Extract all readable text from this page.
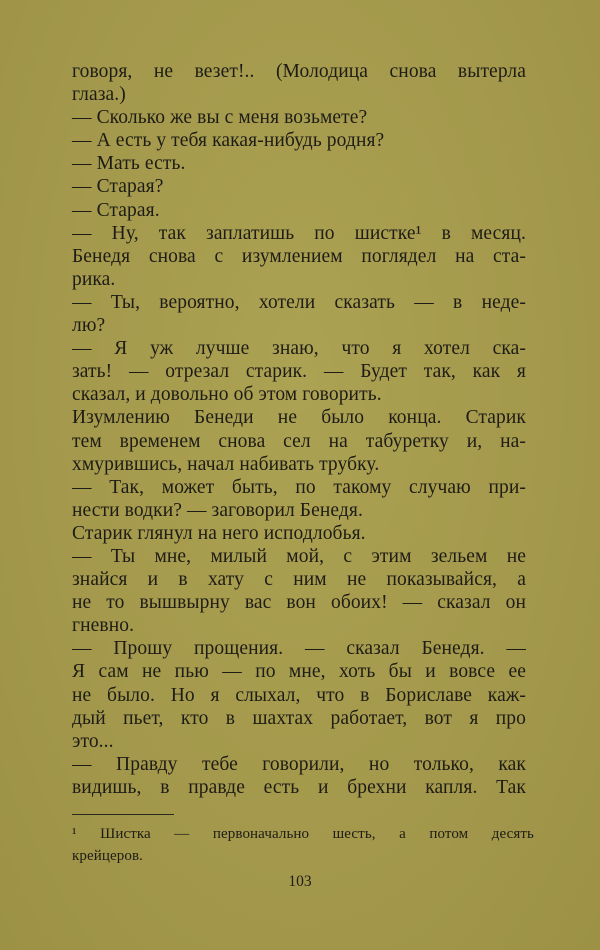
говоря, не везет!.. (Молодица снова вытерла
глаза.)
— Сколько же вы с меня возьмете?
— А есть у тебя какая-нибудь родня?
— Мать есть.
— Старая?
— Старая.
— Ну, так заплатишь по шистке¹ в месяц.
Бенедя снова с изумлением поглядел на ста-
рика.
— Ты, вероятно, хотели сказать — в неде-
лю?
— Я уж лучше знаю, что я хотел ска-
зать! — отрезал старик. — Будет так, как я
сказал, и довольно об этом говорить.
Изумлению Бенеди не было конца. Старик
тем временем снова сел на табуретку и, на-
хмурившись, начал набивать трубку.
— Так, может быть, по такому случаю при-
нести водки? — заговорил Бенедя.
Старик глянул на него исподлобья.
— Ты мне, милый мой, с этим зельем не
знайся и в хату с ним не показывайся, а
не то вышвырну вас вон обоих! — сказал он
гневно.
— Прошу прощения. — сказал Бенедя. —
Я сам не пью — по мне, хоть бы и вовсе ее
не было. Но я слыхал, что в Бориславе каж-
дый пьет, кто в шахтах работает, вот я про
это...
— Правду тебе говорили, но только, как
видишь, в правде есть и брехни капля. Так
¹ Шистка — первоначально шесть, а потом десять
крейцеров.
103
